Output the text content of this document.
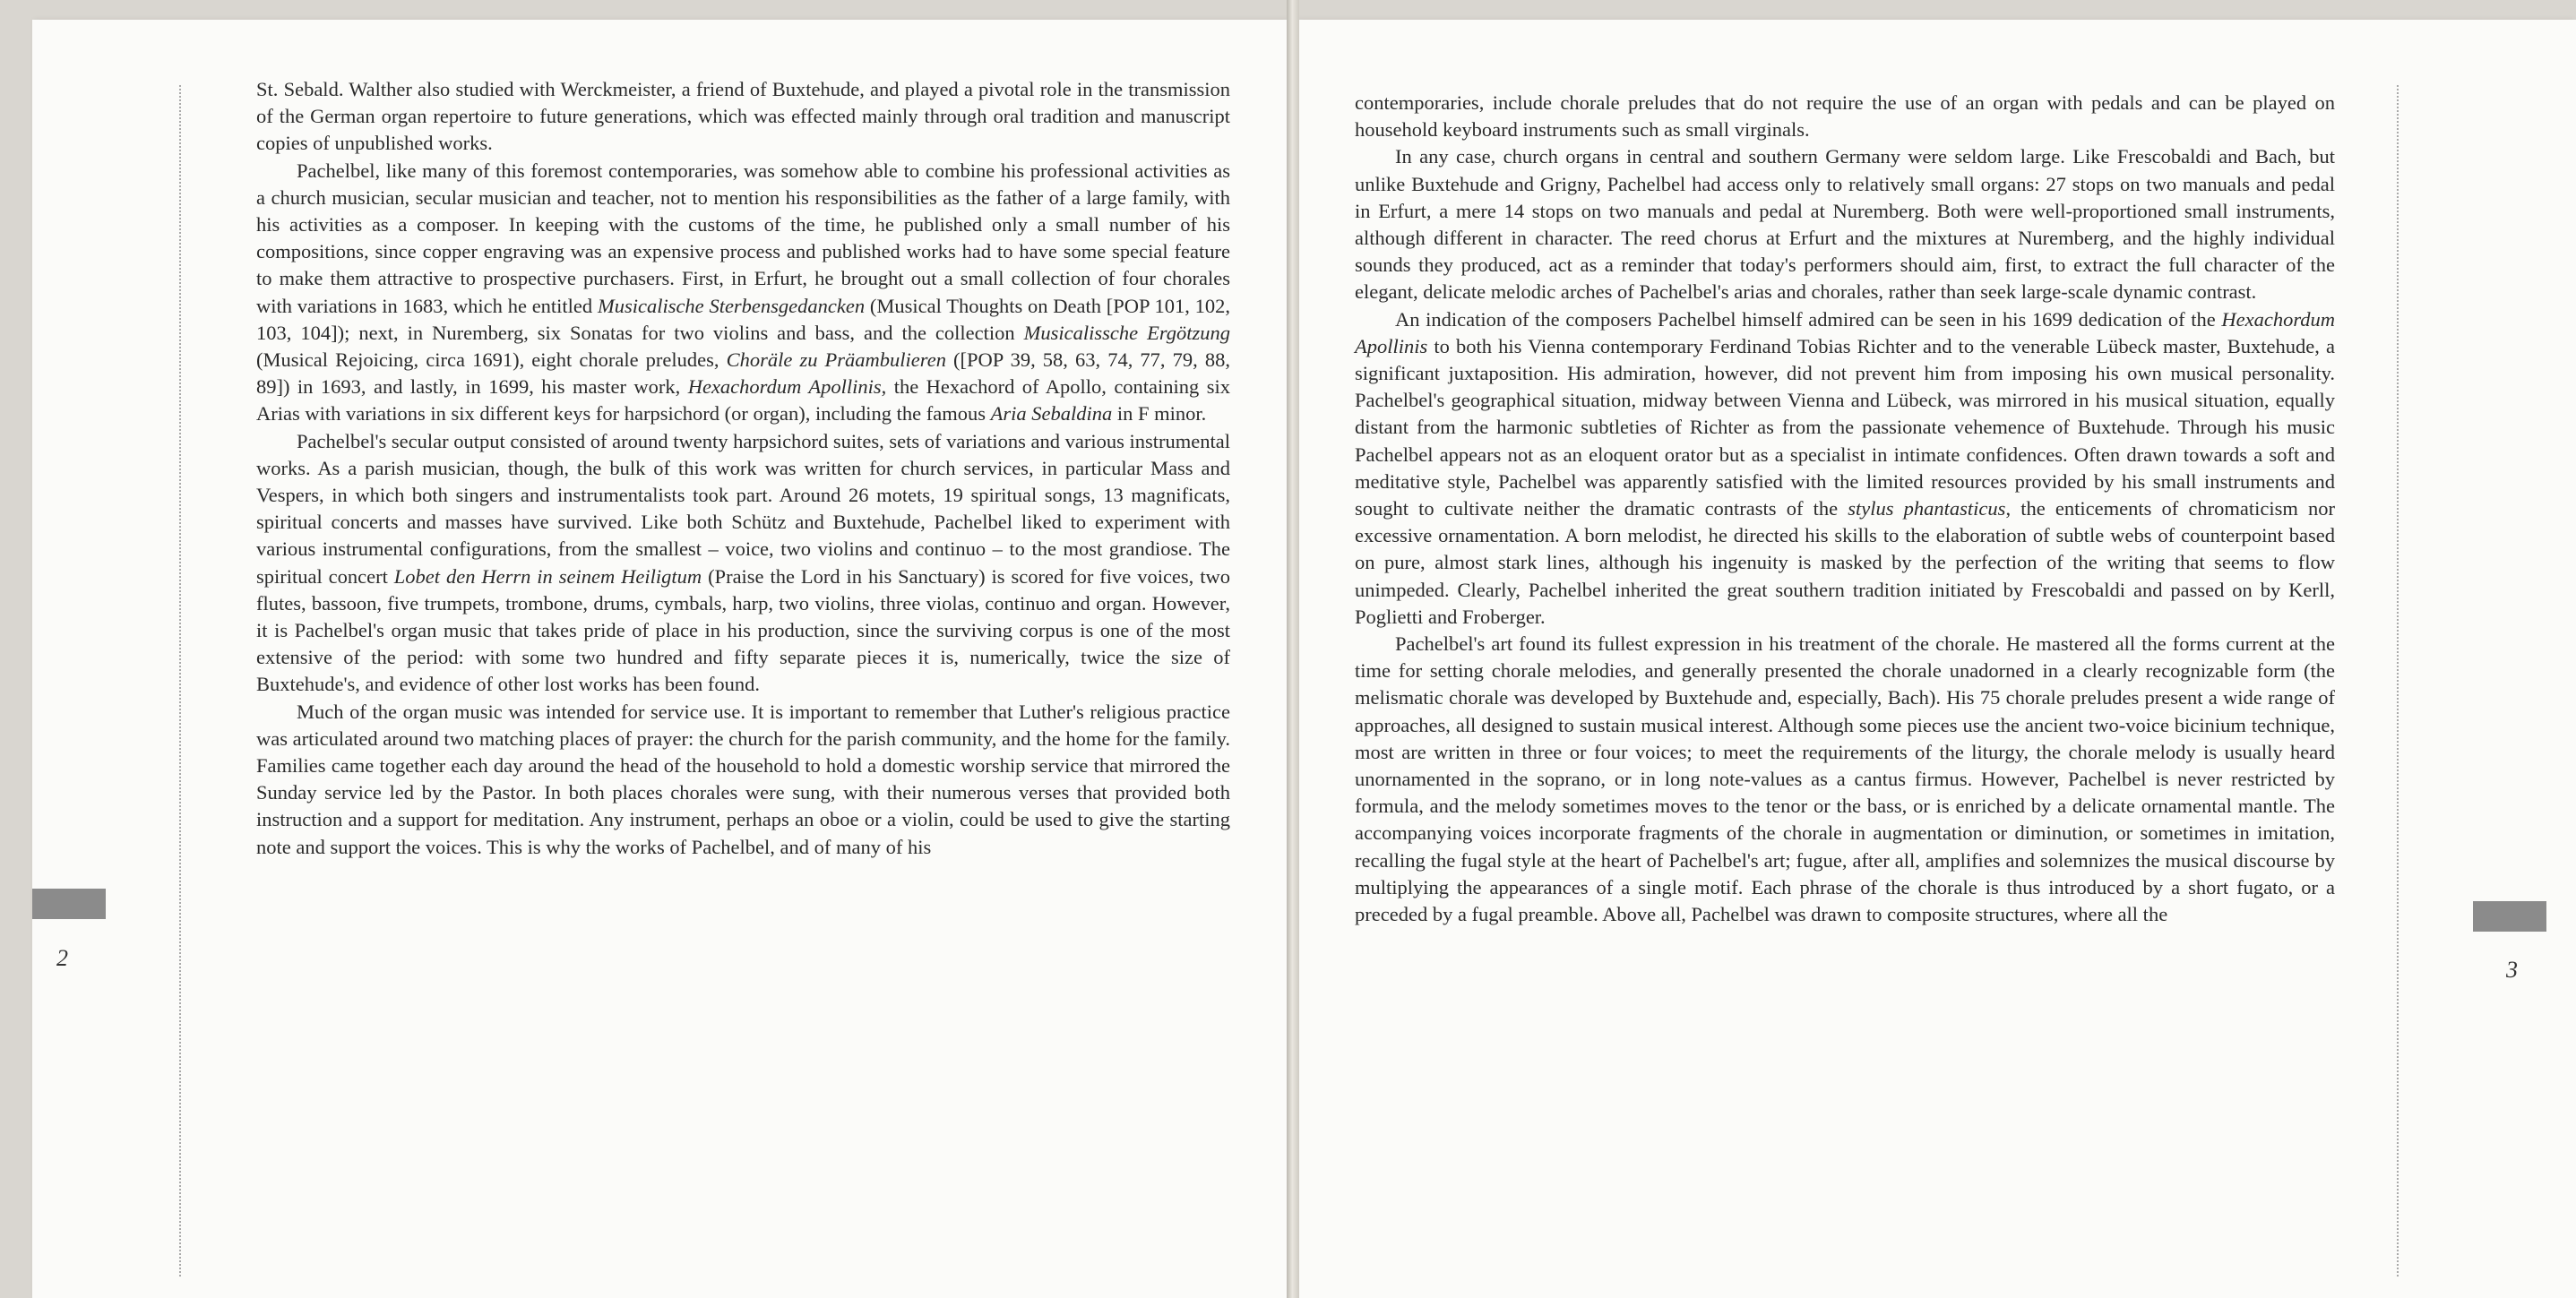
2	3

St. Sebald. Walther also studied with Werckmeister, a friend of Buxtehude, and played a pivotal role in the transmission of the German organ repertoire to future generations, which was effected mainly through oral tradition and manuscript copies of unpublished works.

Pachelbel, like many of this foremost contemporaries, was somehow able to combine his professional activities as a church musician, secular musician and teacher, not to mention his responsibilities as the father of a large family, with his activities as a composer. In keeping with the customs of the time, he published only a small number of his compositions, since copper engraving was an expensive process and published works had to have some special feature to make them attractive to prospective purchasers. First, in Erfurt, he brought out a small collection of four chorales with variations in 1683, which he entitled Musicalische Sterbensgedancken (Musical Thoughts on Death [POP 101, 102, 103, 104]); next, in Nuremberg, six Sonatas for two violins and bass, and the collection Musicalissche Ergötzung (Musical Rejoicing, circa 1691), eight chorale preludes, Choräle zu Präambulieren ([POP 39, 58, 63, 74, 77, 79, 88, 89]) in 1693, and lastly, in 1699, his master work, Hexachordum Apollinis, the Hexachord of Apollo, containing six Arias with variations in six different keys for harpsichord (or organ), including the famous Aria Sebaldina in F minor.

Pachelbel's secular output consisted of around twenty harpsichord suites, sets of variations and various instrumental works. As a parish musician, though, the bulk of this work was written for church services, in particular Mass and Vespers, in which both singers and instrumentalists took part. Around 26 motets, 19 spiritual songs, 13 magnificats, spiritual concerts and masses have survived. Like both Schütz and Buxtehude, Pachelbel liked to experiment with various instrumental configurations, from the smallest – voice, two violins and continuo – to the most grandiose. The spiritual concert Lobet den Herrn in seinem Heiligtum (Praise the Lord in his Sanctuary) is scored for five voices, two flutes, bassoon, five trumpets, trombone, drums, cymbals, harp, two violins, three violas, continuo and organ. However, it is Pachelbel's organ music that takes pride of place in his production, since the surviving corpus is one of the most extensive of the period: with some two hundred and fifty separate pieces it is, numerically, twice the size of Buxtehude's, and evidence of other lost works has been found.

Much of the organ music was intended for service use. It is important to remember that Luther's religious practice was articulated around two matching places of prayer: the church for the parish community, and the home for the family. Families came together each day around the head of the household to hold a domestic worship service that mirrored the Sunday service led by the Pastor. In both places chorales were sung, with their numerous verses that provided both instruction and a support for meditation. Any instrument, perhaps an oboe or a violin, could be used to give the starting note and support the voices. This is why the works of Pachelbel, and of many of his

contemporaries, include chorale preludes that do not require the use of an organ with pedals and can be played on household keyboard instruments such as small virginals.

In any case, church organs in central and southern Germany were seldom large. Like Frescobaldi and Bach, but unlike Buxtehude and Grigny, Pachelbel had access only to relatively small organs: 27 stops on two manuals and pedal in Erfurt, a mere 14 stops on two manuals and pedal at Nuremberg. Both were well-proportioned small instruments, although different in character. The reed chorus at Erfurt and the mixtures at Nuremberg, and the highly individual sounds they produced, act as a reminder that today's performers should aim, first, to extract the full character of the elegant, delicate melodic arches of Pachelbel's arias and chorales, rather than seek large-scale dynamic contrast.

An indication of the composers Pachelbel himself admired can be seen in his 1699 dedication of the Hexachordum Apollinis to both his Vienna contemporary Ferdinand Tobias Richter and to the venerable Lübeck master, Buxtehude, a significant juxtaposition. His admiration, however, did not prevent him from imposing his own musical personality. Pachelbel's geographical situation, midway between Vienna and Lübeck, was mirrored in his musical situation, equally distant from the harmonic subtleties of Richter as from the passionate vehemence of Buxtehude. Through his music Pachelbel appears not as an eloquent orator but as a specialist in intimate confidences. Often drawn towards a soft and meditative style, Pachelbel was apparently satisfied with the limited resources provided by his small instruments and sought to cultivate neither the dramatic contrasts of the stylus phantasticus, the enticements of chromaticism nor excessive ornamentation. A born melodist, he directed his skills to the elaboration of subtle webs of counterpoint based on pure, almost stark lines, although his ingenuity is masked by the perfection of the writing that seems to flow unimpeded. Clearly, Pachelbel inherited the great southern tradition initiated by Frescobaldi and passed on by Kerll, Poglietti and Froberger.

Pachelbel's art found its fullest expression in his treatment of the chorale. He mastered all the forms current at the time for setting chorale melodies, and generally presented the chorale unadorned in a clearly recognizable form (the melismatic chorale was developed by Buxtehude and, especially, Bach). His 75 chorale preludes present a wide range of approaches, all designed to sustain musical interest. Although some pieces use the ancient two-voice bicinium technique, most are written in three or four voices; to meet the requirements of the liturgy, the chorale melody is usually heard unornamented in the soprano, or in long note-values as a cantus firmus. However, Pachelbel is never restricted by formula, and the melody sometimes moves to the tenor or the bass, or is enriched by a delicate ornamental mantle. The accompanying voices incorporate fragments of the chorale in augmentation or diminution, or sometimes in imitation, recalling the fugal style at the heart of Pachelbel's art; fugue, after all, amplifies and solemnizes the musical discourse by multiplying the appearances of a single motif. Each phrase of the chorale is thus introduced by a short fugato, or a preceded by a fugal preamble. Above all, Pachelbel was drawn to composite structures, where all the
